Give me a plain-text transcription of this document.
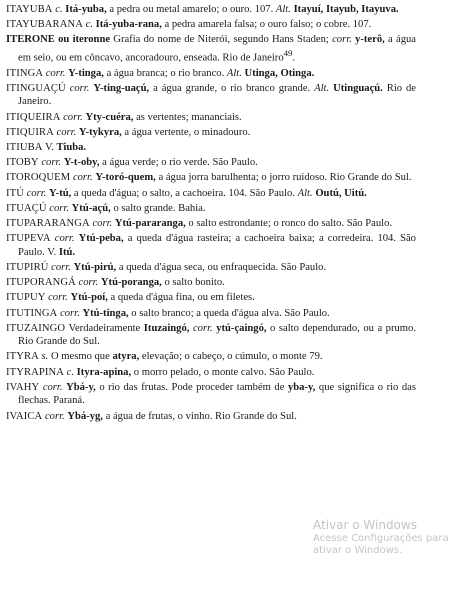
ITAYUBA c. Itá-yuba, a pedra ou metal amarelo; o ouro. 107. Alt. Itayuí, Itayub, Itayuva.

ITAYUBARANA c. Itá-yuba-rana, a pedra amarela falsa; o ouro falso; o cobre. 107.

ITERONE ou iteronne Grafia do nome de Niterói, segundo Hans Staden; corr. y-terô, a água em seio, ou em côncavo, ancoradouro, enseada. Rio de Janeiro$^{49}$.

ITINGA corr. Y-tinga, a água branca; o rio branco. Alt. Utinga, Otinga.

ITINGUAÇÚ corr. Y-ting-uaçú, a água grande, o rio branco grande. Alt. Utinguaçú. Rio de Janeiro.

ITIQUEIRA corr. Yty-cuéra, as vertentes; mananciais.

ITIQUIRA corr. Y-tykyra, a água vertente, o minadouro.

ITIUBA V. Tiuba.

ITOBY corr. Y-t-oby, a água verde; o rio verde. São Paulo.

ITOROQUEM corr. Y-toró-quem, a água jorra barulhenta; o jorro ruidoso. Rio Grande do Sul.

ITÚ corr. Y-tú, a queda d'água; o salto, a cachoeira. 104. São Paulo. Alt. Outú, Uitú.

ITUAÇÚ corr. Ytú-açú, o salto grande. Bahia.

ITUPARARANGA corr. Ytú-pararanga, o salto estrondante; o ronco do salto. São Paulo.

ITUPEVA corr. Ytú-peba, a queda d'água rasteira; a cachoeira baixa; a corredeira. 104. São Paulo. V. Itú.

ITUPIRÚ corr. Ytú-pirú, a queda d'água seca, ou enfraquecida. São Paulo.

ITUPORANGÁ corr. Ytú-poranga, o salto bonito.

ITUPUY corr. Ytú-poí, a queda d'água fina, ou em filetes.

ITUTINGA corr. Ytú-tinga, o salto branco; a queda d'água alva. São Paulo.

ITUZAINGO Verdadeiramente Ituzaingó, corr. ytú-çaingó, o salto dependurado, ou a prumo. Rio Grande do Sul.

ITYRA s. O mesmo que atyra, elevação; o cabeço, o cúmulo, o monte 79.

ITYRAPINA c. Ityra-apina, o morro pelado, o monte calvo. São Paulo.

IVAHY corr. Ybá-y, o rio das frutas. Pode proceder também de yba-y, que significa o rio das flechas. Paraná.

IVAICA corr. Ybá-yg, a água de frutas, o vinho. Rio Grande do Sul.

Ativar o Windows
Acesse Configurações para ativar o Windows.
